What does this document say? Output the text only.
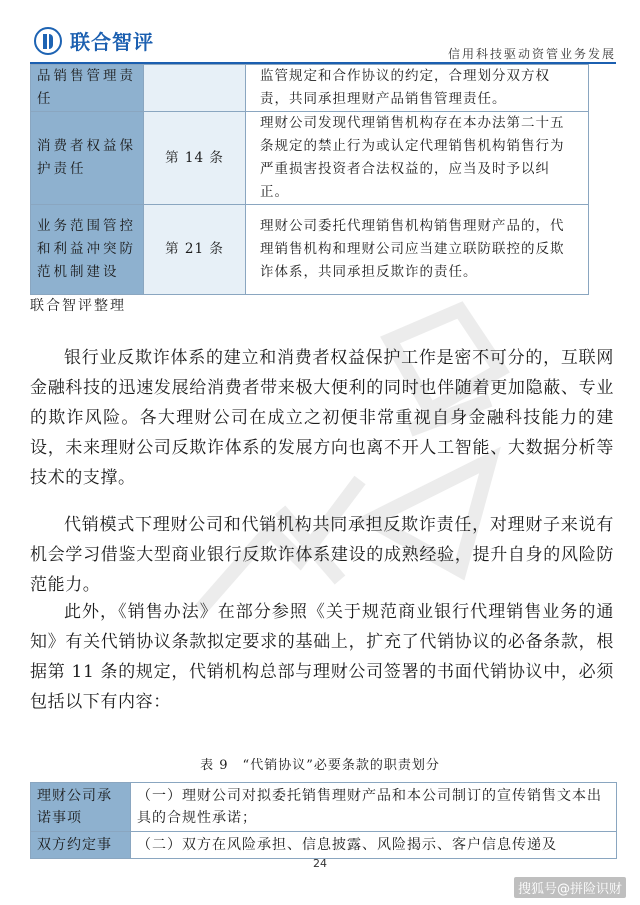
联合智评	信用科技驱动资管业务发展
品销售管理责任		监管规定和合作协议的约定，合理划分双方权责，共同承担理财产品销售管理责任。
消费者权益保护责任	第 14 条	理财公司发现代理销售机构存在本办法第二十五条规定的禁止行为或认定代理销售机构销售行为严重损害投资者合法权益的，应当及时予以纠正。
业务范围管控和利益冲突防范机制建设	第 21 条	理财公司委托代理销售机构销售理财产品的，代理销售机构和理财公司应当建立联防联控的反欺诈体系，共同承担反欺诈的责任。
联合智评整理

银行业反欺诈体系的建立和消费者权益保护工作是密不可分的，互联网金融科技的迅速发展给消费者带来极大便利的同时也伴随着更加隐蔽、专业的欺诈风险。各大理财公司在成立之初便非常重视自身金融科技能力的建设，未来理财公司反欺诈体系的发展方向也离不开人工智能、大数据分析等技术的支撑。

代销模式下理财公司和代销机构共同承担反欺诈责任，对理财子来说有机会学习借鉴大型商业银行反欺诈体系建设的成熟经验，提升自身的风险防范能力。

此外，《销售办法》在部分参照《关于规范商业银行代理销售业务的通知》有关代销协议条款拟定要求的基础上，扩充了代销协议的必备条款，根据第 11 条的规定，代销机构总部与理财公司签署的书面代销协议中，必须包括以下有内容：

表 9　“代销协议”必要条款的职责划分
理财公司承诺事项	（一）理财公司对拟委托销售理财产品和本公司制订的宣传销售文本出具的合规性承诺；
双方约定事	（二）双方在风险承担、信息披露、风险揭示、客户信息传递及
24
搜狐号@拼险识财
